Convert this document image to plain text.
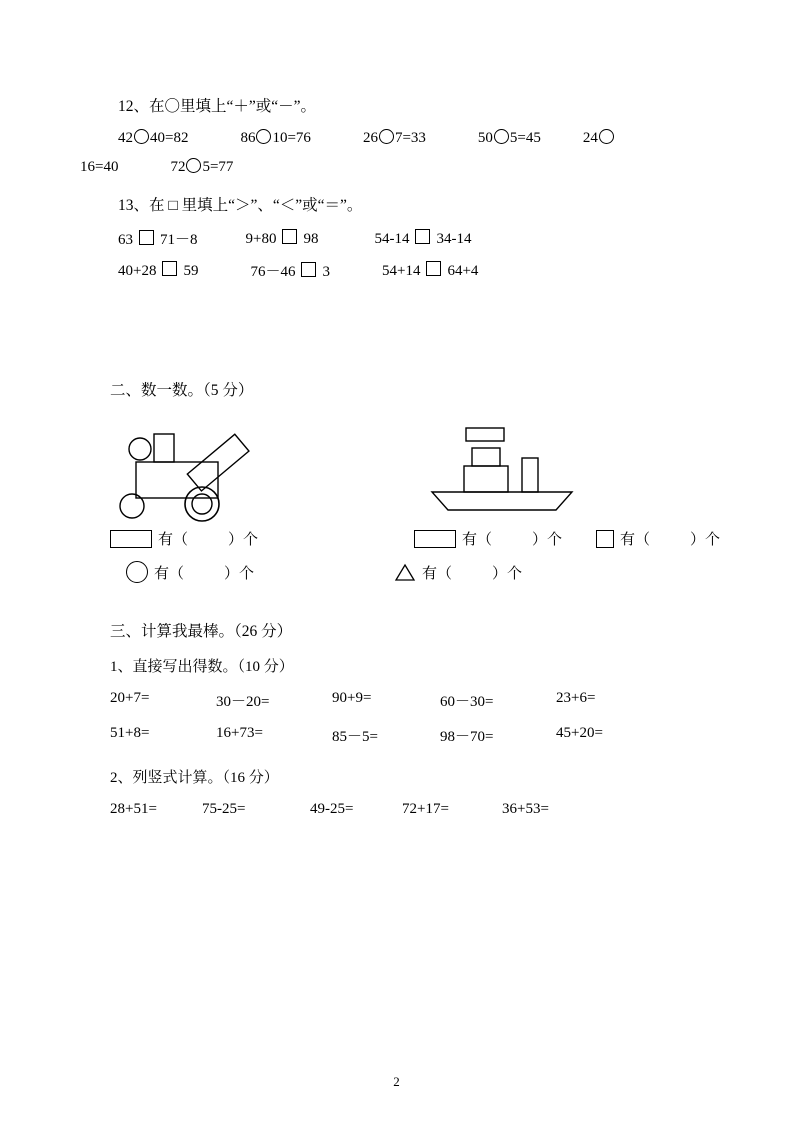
12、在〇里填上“＋”或“－”。
42 40=82	86 10=76	26 7=33	50 5=45	24
16=40	72 5=77
13、在 □ 里填上“＞”、“＜”或“＝”。
63 71－8	9+80 98	54-14 34-14
40+28 59	76－46 3	54+14 64+4
二、数一数。（5 分）
有（	）个	有（	）个	有（	）个
有（	）个	有（	）个
三、计算我最棒。（26 分）
1、直接写出得数。（10 分）
20+7=	30－20=	90+9=	60－30=	23+6=
51+8=	16+73=	85－5=	98－70=	45+20=
2、列竖式计算。（16 分）
28+51=	75-25=	49-25=	72+17=	36+53=
2
